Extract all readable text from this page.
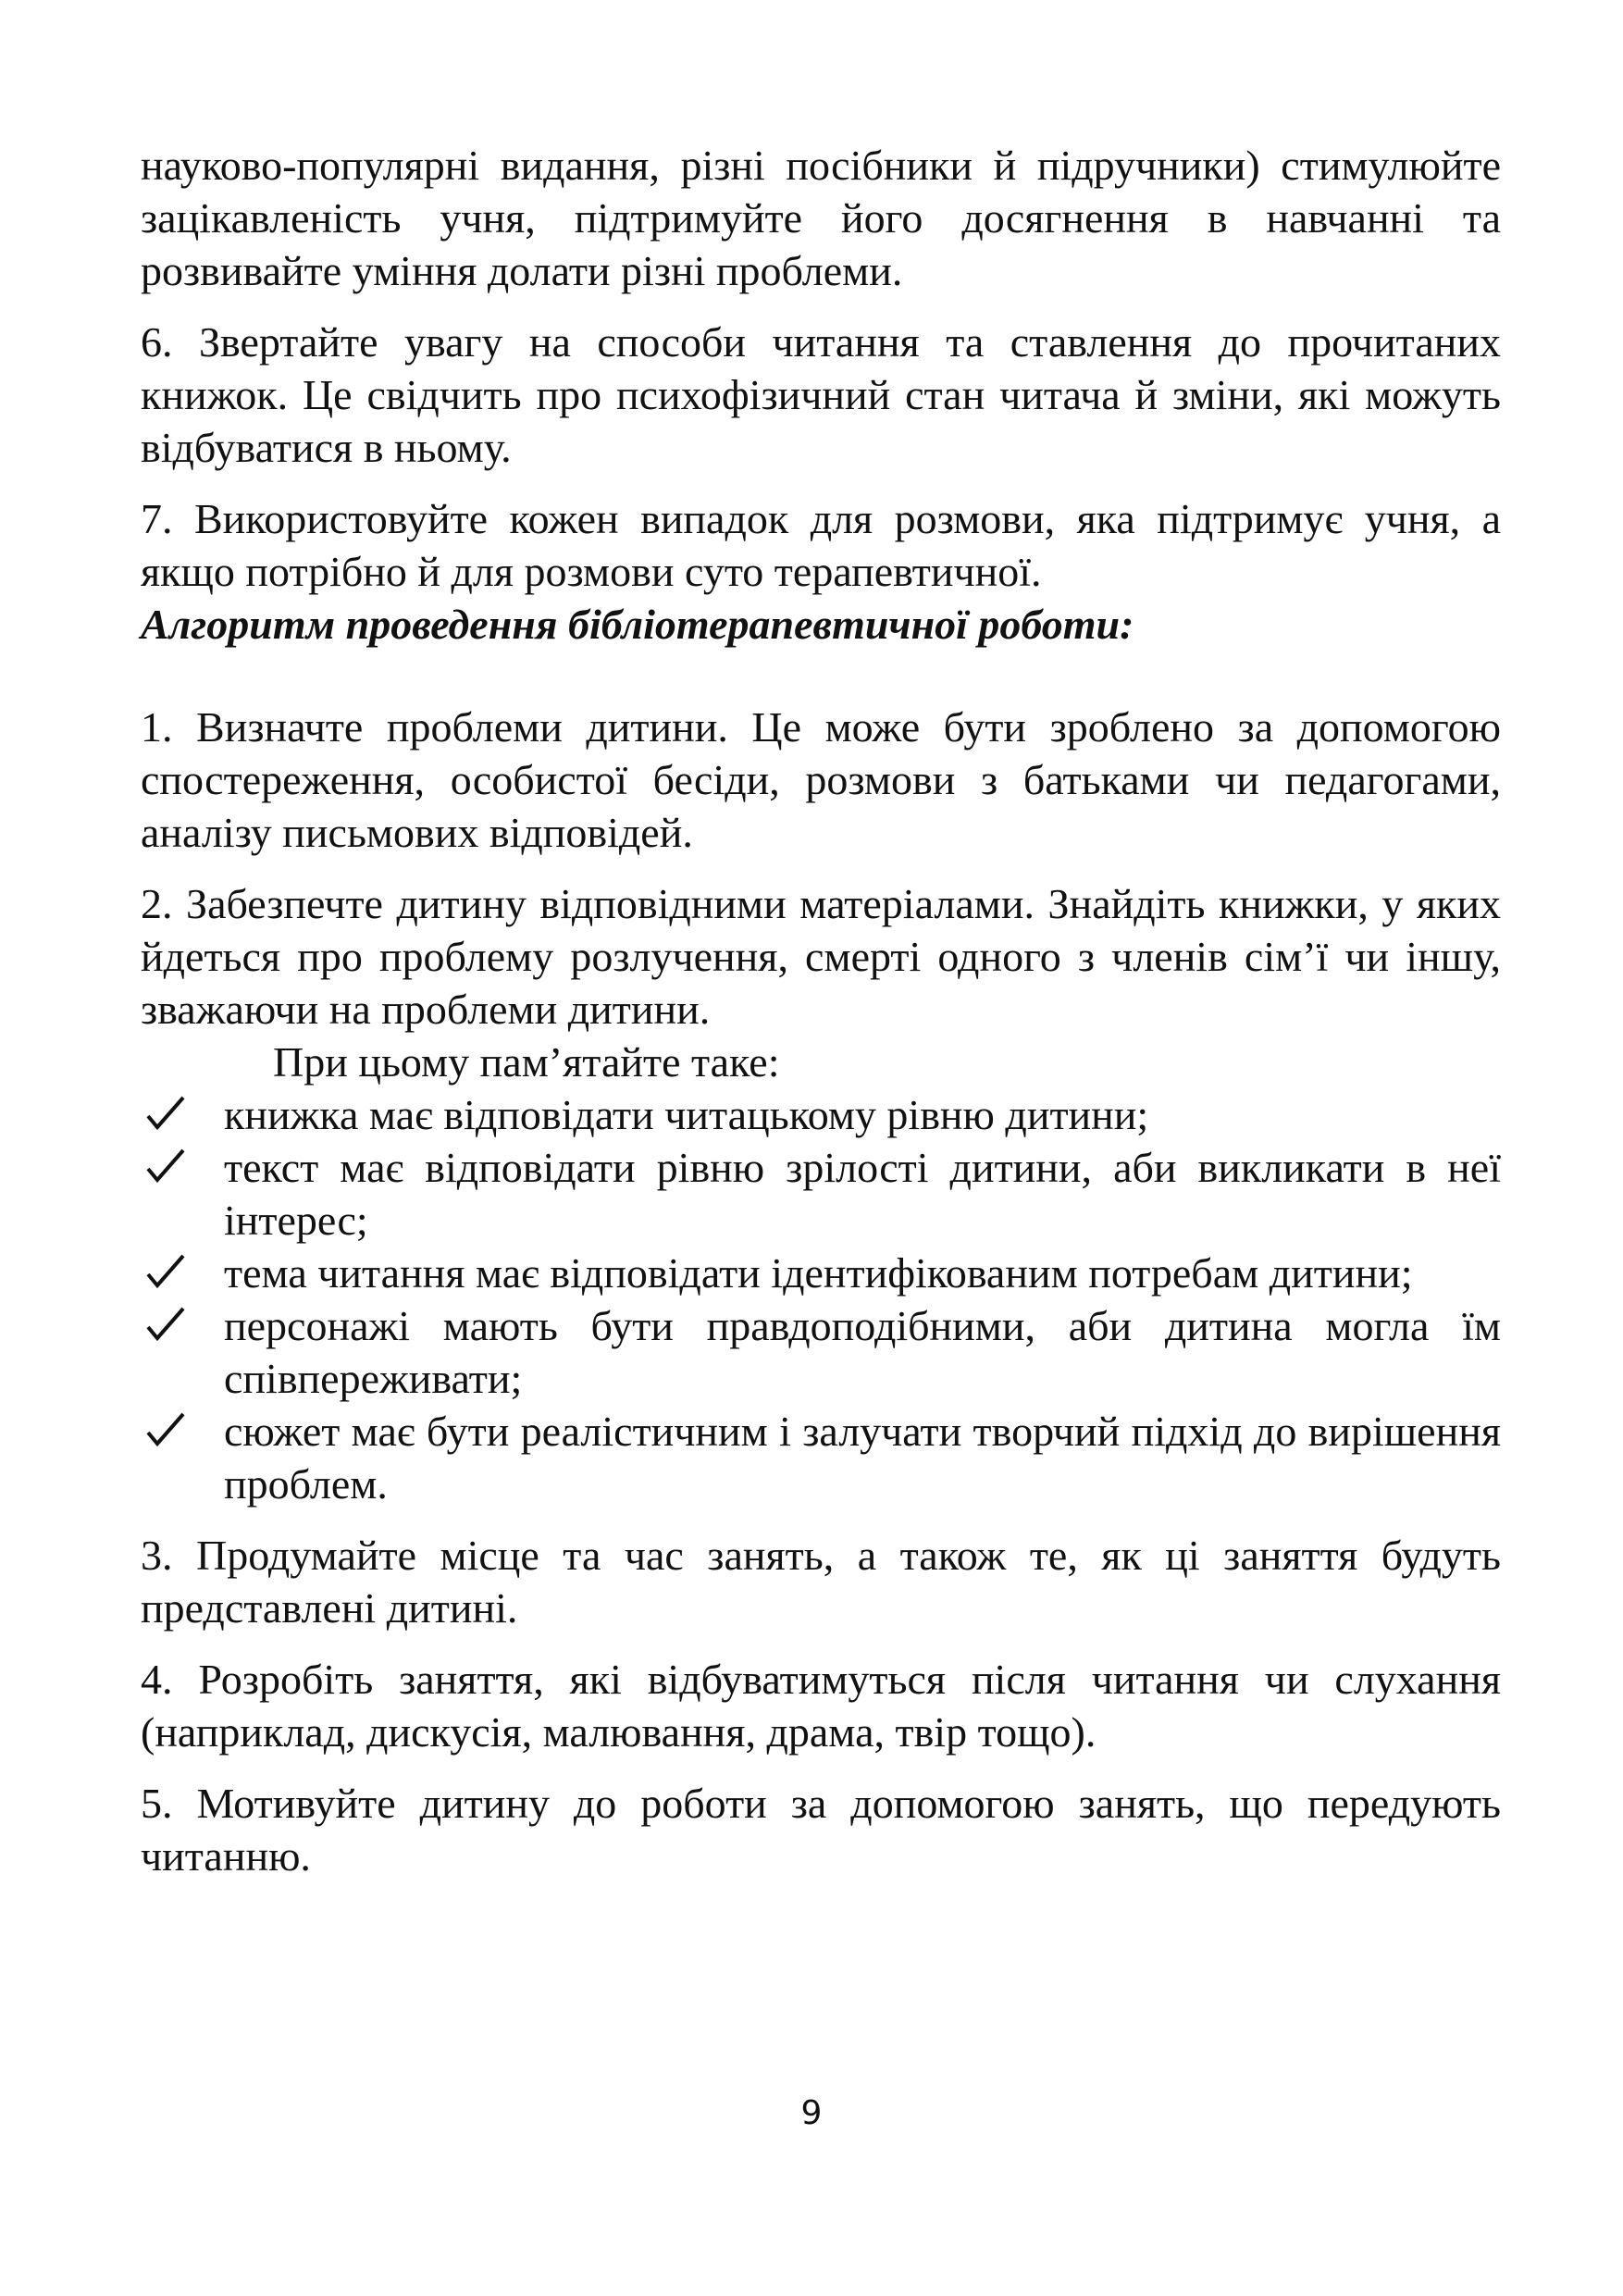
науково-популярні видання, різні посібники й підручники) стимулюйте зацікавленість учня, підтримуйте його досягнення в навчанні та розвивайте уміння долати різні проблеми.

6. Звертайте увагу на способи читання та ставлення до прочитаних книжок. Це свідчить про психофізичний стан читача й зміни, які можуть відбуватися в ньому.

7. Використовуйте кожен випадок для розмови, яка підтримує учня, а якщо потрібно й для розмови суто терапевтичної.

Алгоритм проведення бібліотерапевтичної роботи:

1. Визначте проблеми дитини. Це може бути зроблено за допомогою спостереження, особистої бесіди, розмови з батьками чи педагогами, аналізу письмових відповідей.

2. Забезпечте дитину відповідними матеріалами. Знайдіть книжки, у яких йдеться про проблему розлучення, смерті одного з членів сім’ї чи іншу, зважаючи на проблеми дитини.

При цьому пам’ятайте таке:

книжка має відповідати читацькому рівню дитини;
текст має відповідати рівню зрілості дитини, аби викликати в неї інтерес;
тема читання має відповідати ідентифікованим потребам дитини;
персонажі мають бути правдоподібними, аби дитина могла їм співпереживати;
сюжет має бути реалістичним і залучати творчий підхід до вирішення проблем.

3. Продумайте місце та час занять, а також те, як ці заняття будуть представлені дитині.

4. Розробіть заняття, які відбуватимуться після читання чи слухання (наприклад, дискусія, малювання, драма, твір тощо).

5. Мотивуйте дитину до роботи за допомогою занять, що передують читанню.

9
